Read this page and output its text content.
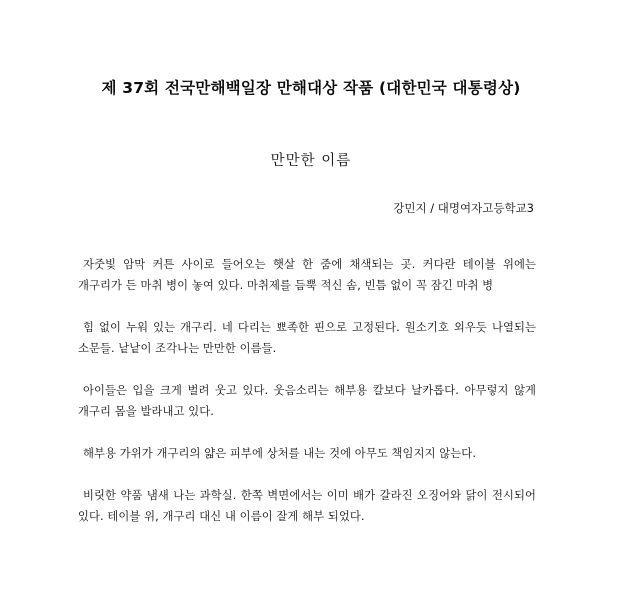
제 37회 전국만해백일장 만해대상 작품 (대한민국 대통령상)
만만한 이름
강민지 / 대명여자고등학교3

자줏빛 암막 커튼 사이로 들어오는 햇살 한 줌에 채색되는 곳. 커다란 테이블 위에는 개구리가 든 마취 병이 놓여 있다. 마취제를 듬뿍 적신 솜, 빈틈 없이 꼭 잠긴 마취 병

힘 없이 누워 있는 개구리. 네 다리는 뾰족한 핀으로 고정된다. 원소기호 외우듯 나열되는 소문들. 낱낱이 조각나는 만만한 이름들.

아이들은 입을 크게 벌려 웃고 있다. 웃음소리는 해부용 칼보다 날카롭다. 아무렇지 않게 개구리 몸을 발라내고 있다.

해부용 가위가 개구리의 얇은 피부에 상처를 내는 것에 아무도 책임지지 않는다.

비릿한 약품 냄새 나는 과학실. 한쪽 벽면에서는 이미 배가 갈라진 오징어와 닭이 전시되어 있다. 테이블 위, 개구리 대신 내 이름이 잘게 해부 되었다.
